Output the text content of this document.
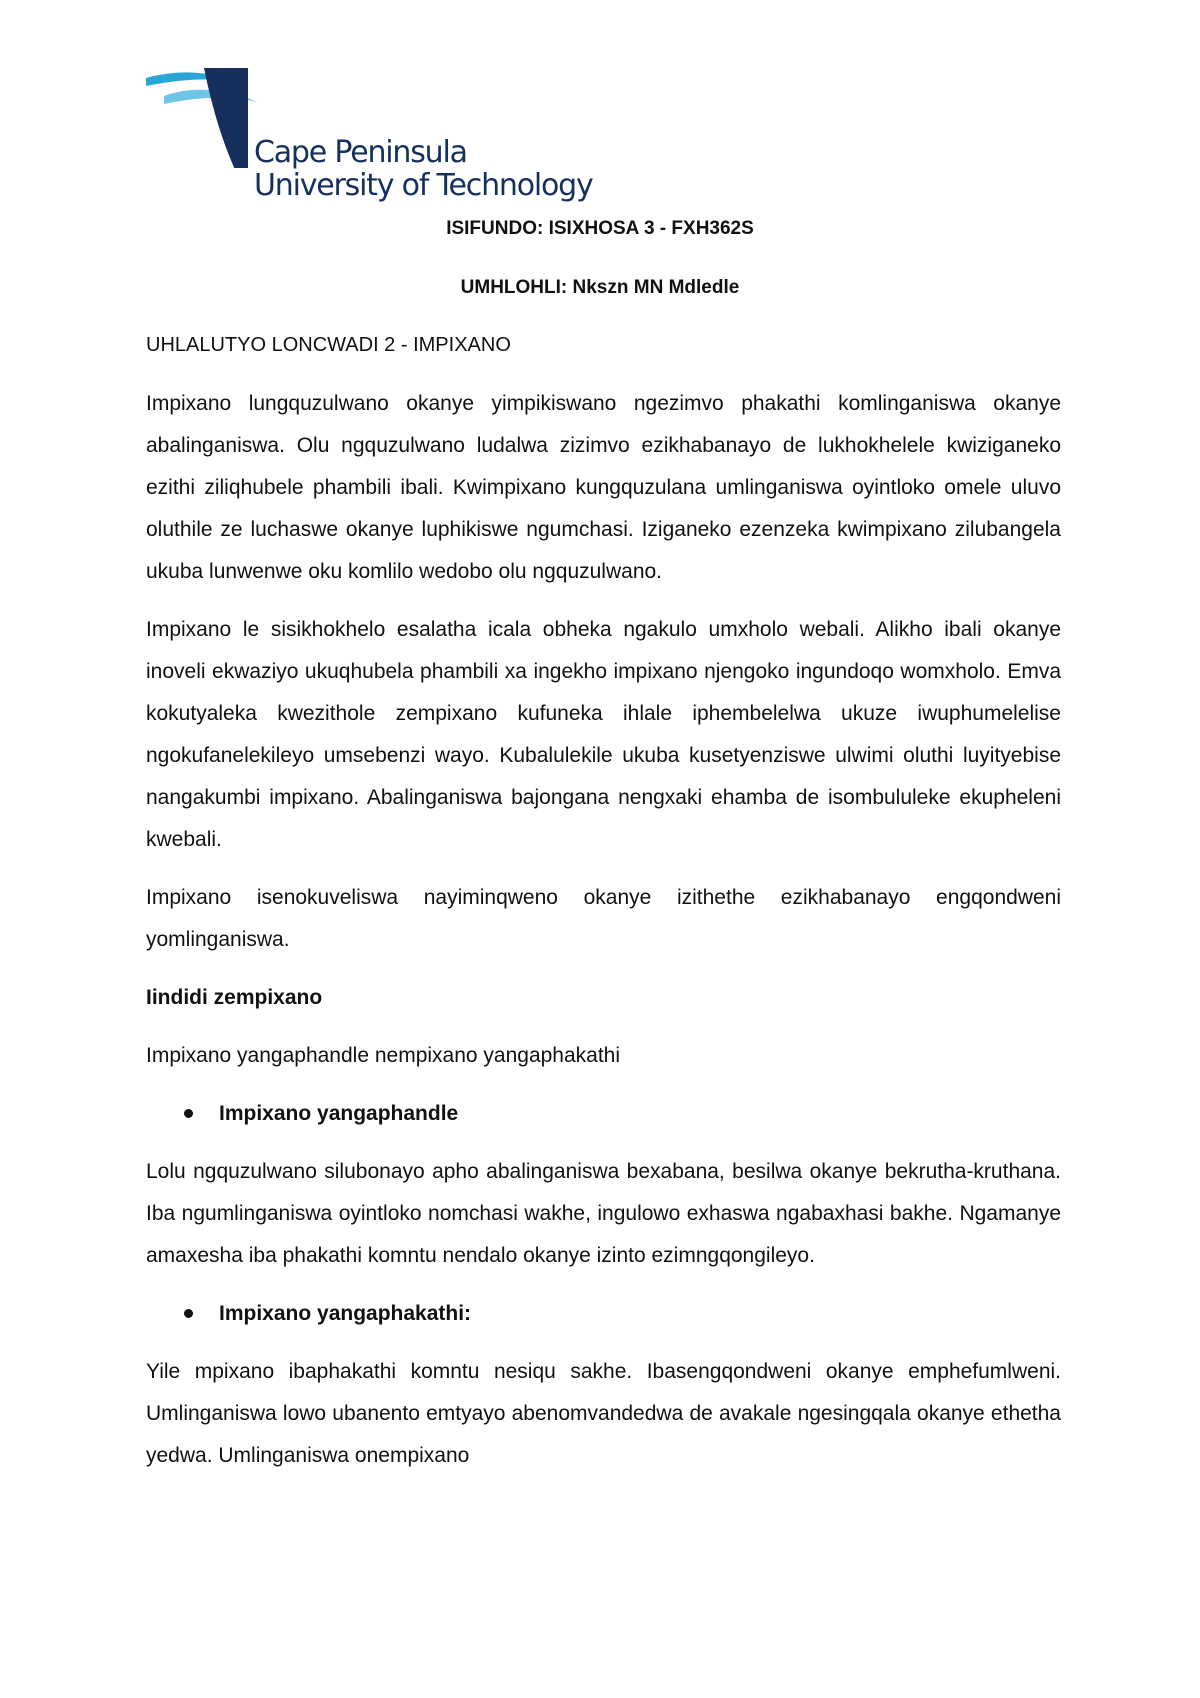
Cape Peninsula
University of Technology
ISIFUNDO: ISIXHOSA 3 - FXH362S
UMHLOHLI: Nkszn MN Mdledle
UHLALUTYO LONCWADI 2 - IMPIXANO

Impixano lungquzulwano okanye yimpikiswano ngezimvo phakathi komlinganiswa okanye abalinganiswa. Olu ngquzulwano ludalwa zizimvo ezikhabanayo de lukhokhelele kwiziganeko ezithi ziliqhubele phambili ibali. Kwimpixano kungquzulana umlinganiswa oyintloko omele uluvo oluthile ze luchaswe okanye luphikiswe ngumchasi. Iziganeko ezenzeka kwimpixano zilubangela ukuba lunwenwe oku komlilo wedobo olu ngquzulwano.

Impixano le sisikhokhelo esalatha icala obheka ngakulo umxholo webali. Alikho ibali okanye inoveli ekwaziyo ukuqhubela phambili xa ingekho impixano njengoko ingundoqo womxholo. Emva kokutyaleka kwezithole zempixano kufuneka ihlale iphembelelwa ukuze iwuphumelelise ngokufanelekileyo umsebenzi wayo. Kubalulekile ukuba kusetyenziswe ulwimi oluthi luyityebise nangakumbi impixano. Abalinganiswa bajongana nengxaki ehamba de isombululeke ekupheleni kwebali.

Impixano isenokuveliswa nayiminqweno okanye izithethe ezikhabanayo engqondweni yomlinganiswa.

Iindidi zempixano

Impixano yangaphandle nempixano yangaphakathi

Impixano yangaphandle

Lolu ngquzulwano silubonayo apho abalinganiswa bexabana, besilwa okanye bekrutha-kruthana. Iba ngumlinganiswa oyintloko nomchasi wakhe, ingulowo exhaswa ngabaxhasi bakhe. Ngamanye amaxesha iba phakathi komntu nendalo okanye izinto ezimngqongileyo.

Impixano yangaphakathi:

Yile mpixano ibaphakathi komntu nesiqu sakhe. Ibasengqondweni okanye emphefumlweni. Umlinganiswa lowo ubanento emtyayo abenomvandedwa de avakale ngesingqala okanye ethetha yedwa. Umlinganiswa onempixano
